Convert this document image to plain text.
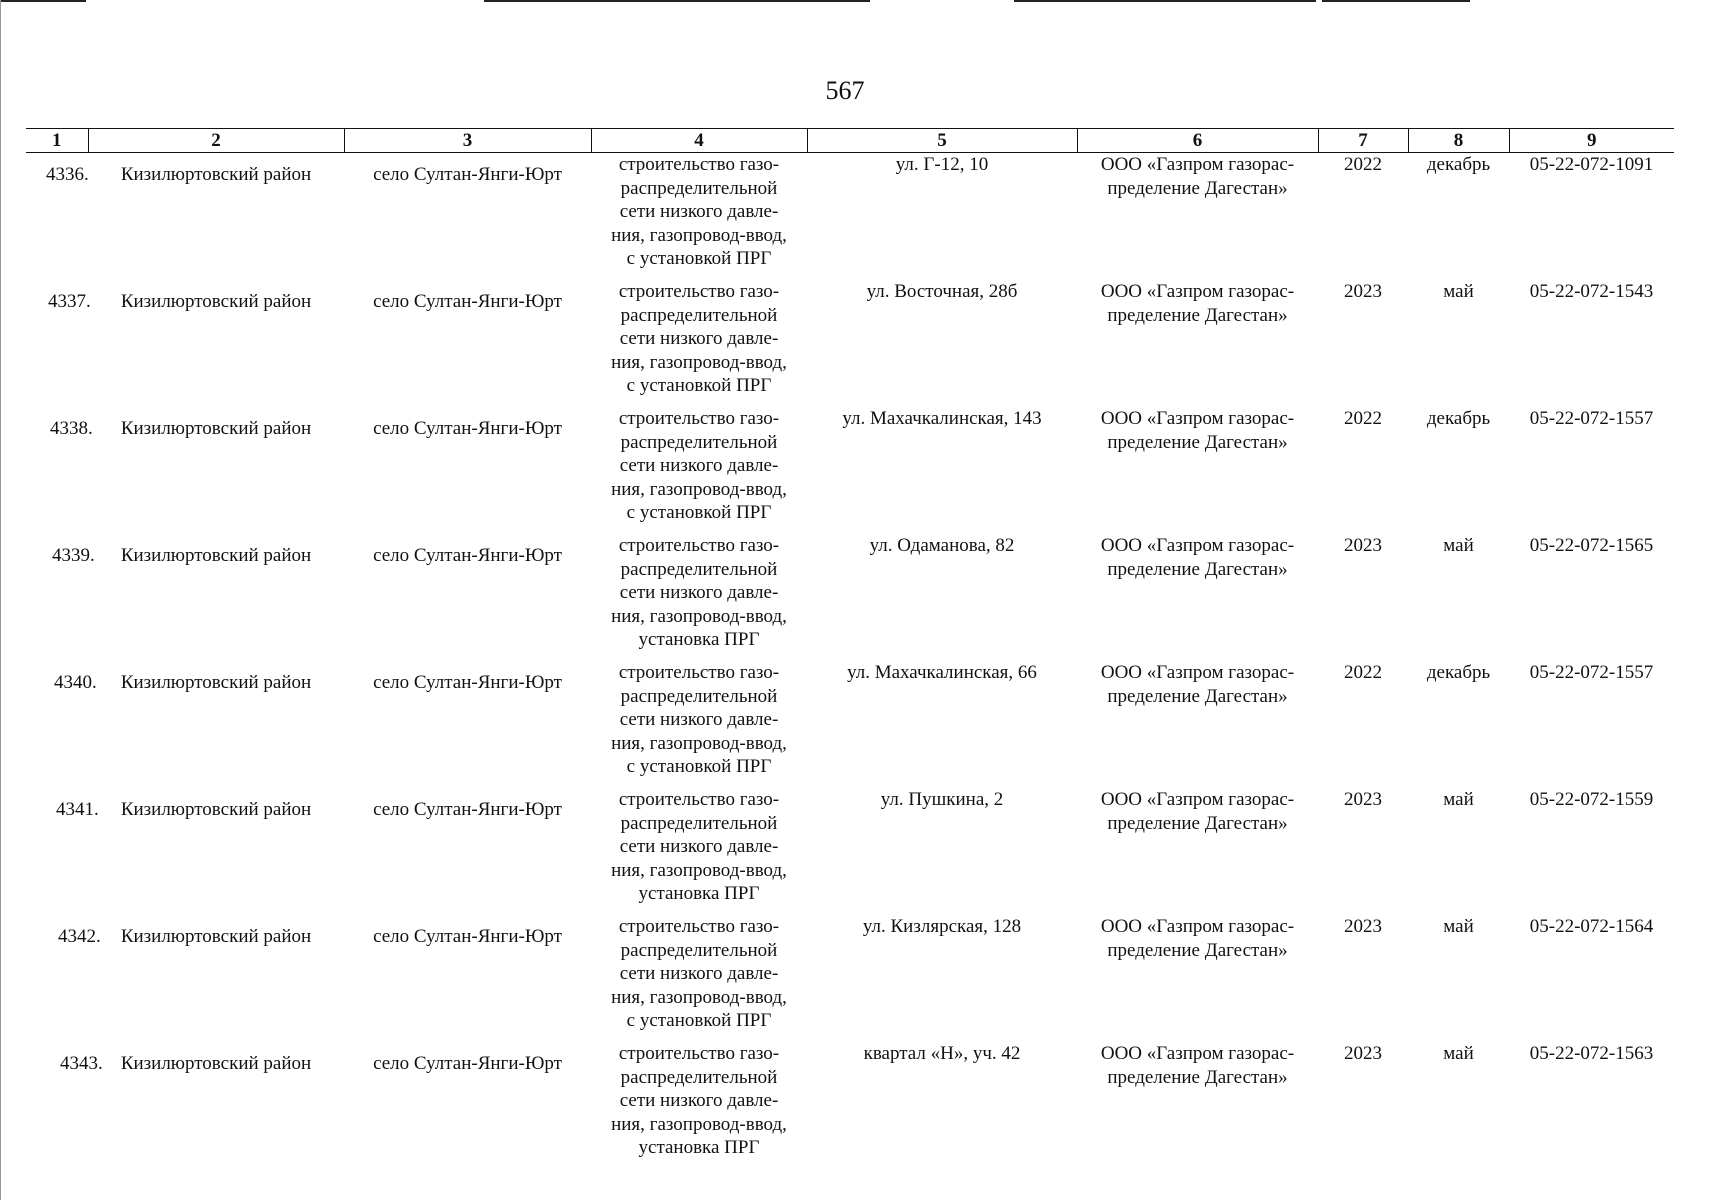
567
1	2	3	4	5	6	7	8	9
4336.	Кизилюртовский район	село Султан-Янги-Юрт	строительство газо-
распределительной
сети низкого давле-
ния, газопровод-ввод,
с установкой ПРГ	ул. Г-12, 10	ООО «Газпром газорас-
пределение Дагестан»	2022	декабрь	05-22-072-1091
4337.	Кизилюртовский район	село Султан-Янги-Юрт	строительство газо-
распределительной
сети низкого давле-
ния, газопровод-ввод,
с установкой ПРГ	ул. Восточная, 28б	ООО «Газпром газорас-
пределение Дагестан»	2023	май	05-22-072-1543
4338.	Кизилюртовский район	село Султан-Янги-Юрт	строительство газо-
распределительной
сети низкого давле-
ния, газопровод-ввод,
с установкой ПРГ	ул. Махачкалинская, 143	ООО «Газпром газорас-
пределение Дагестан»	2022	декабрь	05-22-072-1557
4339.	Кизилюртовский район	село Султан-Янги-Юрт	строительство газо-
распределительной
сети низкого давле-
ния, газопровод-ввод,
установка ПРГ	ул. Одаманова, 82	ООО «Газпром газорас-
пределение Дагестан»	2023	май	05-22-072-1565
4340.	Кизилюртовский район	село Султан-Янги-Юрт	строительство газо-
распределительной
сети низкого давле-
ния, газопровод-ввод,
с установкой ПРГ	ул. Махачкалинская, 66	ООО «Газпром газорас-
пределение Дагестан»	2022	декабрь	05-22-072-1557
4341.	Кизилюртовский район	село Султан-Янги-Юрт	строительство газо-
распределительной
сети низкого давле-
ния, газопровод-ввод,
установка ПРГ	ул. Пушкина, 2	ООО «Газпром газорас-
пределение Дагестан»	2023	май	05-22-072-1559
4342.	Кизилюртовский район	село Султан-Янги-Юрт	строительство газо-
распределительной
сети низкого давле-
ния, газопровод-ввод,
с установкой ПРГ	ул. Кизлярская, 128	ООО «Газпром газорас-
пределение Дагестан»	2023	май	05-22-072-1564
4343.	Кизилюртовский район	село Султан-Янги-Юрт	строительство газо-
распределительной
сети низкого давле-
ния, газопровод-ввод,
установка ПРГ	квартал «Н», уч. 42	ООО «Газпром газорас-
пределение Дагестан»	2023	май	05-22-072-1563
